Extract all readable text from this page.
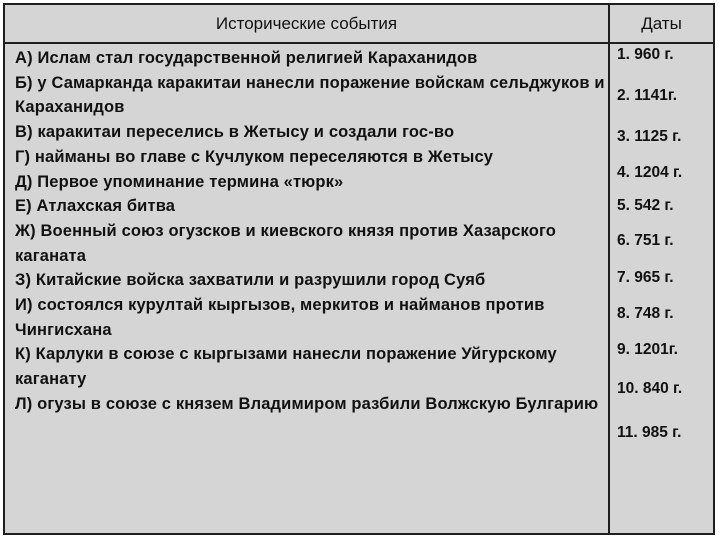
Исторические события	Даты

А) Ислам стал государственной религией Караханидов

Б) у Самарканда каракитаи нанесли поражение войскам сельджуков и Караханидов

В) каракитаи переселись в Жетысу и создали гос-во

Г) найманы во главе с Кучлуком переселяются в Жетысу

Д) Первое упоминание термина «тюрк»

Е) Атлахская битва

Ж) Военный союз огузсков и киевского князя против Хазарского каганата

З) Китайские войска захватили и разрушили город Суяб

И) состоялся курултай кыргызов, меркитов и найманов против Чингисхана

К) Карлуки в союзе с кыргызами нанесли поражение Уйгурскому каганату

Л) огузы в союзе с князем Владимиром разбили Волжскую Булгарию

1. 960 г.
2. 1141г.
3. 1125 г.
4. 1204 г.
5. 542 г.
6. 751 г.
7. 965 г.
8. 748 г.
9. 1201г.
10. 840 г.
11. 985 г.
